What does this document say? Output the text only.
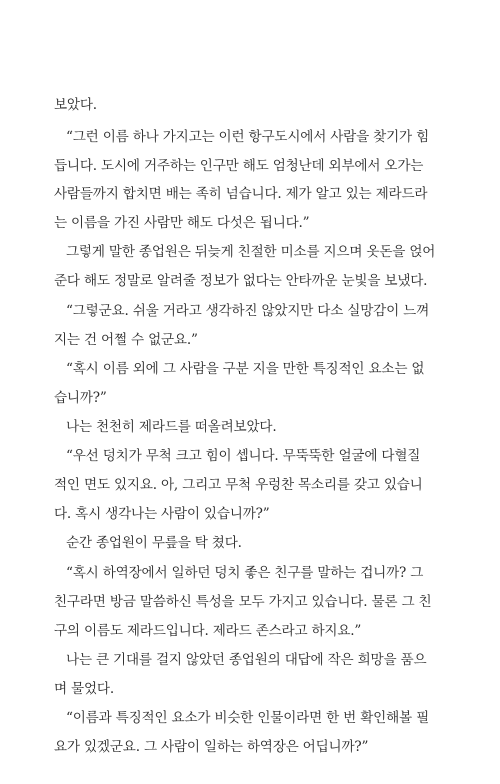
보았다.
“그런 이름 하나 가지고는 이런 항구도시에서 사람을 찾기가 힘
듭니다. 도시에 거주하는 인구만 해도 엄청난데 외부에서 오가는
사람들까지 합치면 배는 족히 넘습니다. 제가 알고 있는 제라드라
는 이름을 가진 사람만 해도 다섯은 됩니다.”
그렇게 말한 종업원은 뒤늦게 친절한 미소를 지으며 옷돈을 얹어
준다 해도 정말로 알려줄 정보가 없다는 안타까운 눈빛을 보냈다.
“그렇군요. 쉬울 거라고 생각하진 않았지만 다소 실망감이 느껴
지는 건 어쩔 수 없군요.”
“혹시 이름 외에 그 사람을 구분 지을 만한 특징적인 요소는 없
습니까?”
나는 천천히 제라드를 떠올려보았다.
“우선 덩치가 무척 크고 힘이 셉니다. 무뚝뚝한 얼굴에 다혈질
적인 면도 있지요. 아, 그리고 무척 우렁찬 목소리를 갖고 있습니
다. 혹시 생각나는 사람이 있습니까?”
순간 종업원이 무릎을 탁 쳤다.
“혹시 하역장에서 일하던 덩치 좋은 친구를 말하는 겁니까? 그
친구라면 방금 말씀하신 특성을 모두 가지고 있습니다. 물론 그 친
구의 이름도 제라드입니다. 제라드 존스라고 하지요.”
나는 큰 기대를 걸지 않았던 종업원의 대답에 작은 희망을 품으
며 물었다.
“이름과 특징적인 요소가 비슷한 인물이라면 한 번 확인해볼 필
요가 있겠군요. 그 사람이 일하는 하역장은 어딥니까?”
